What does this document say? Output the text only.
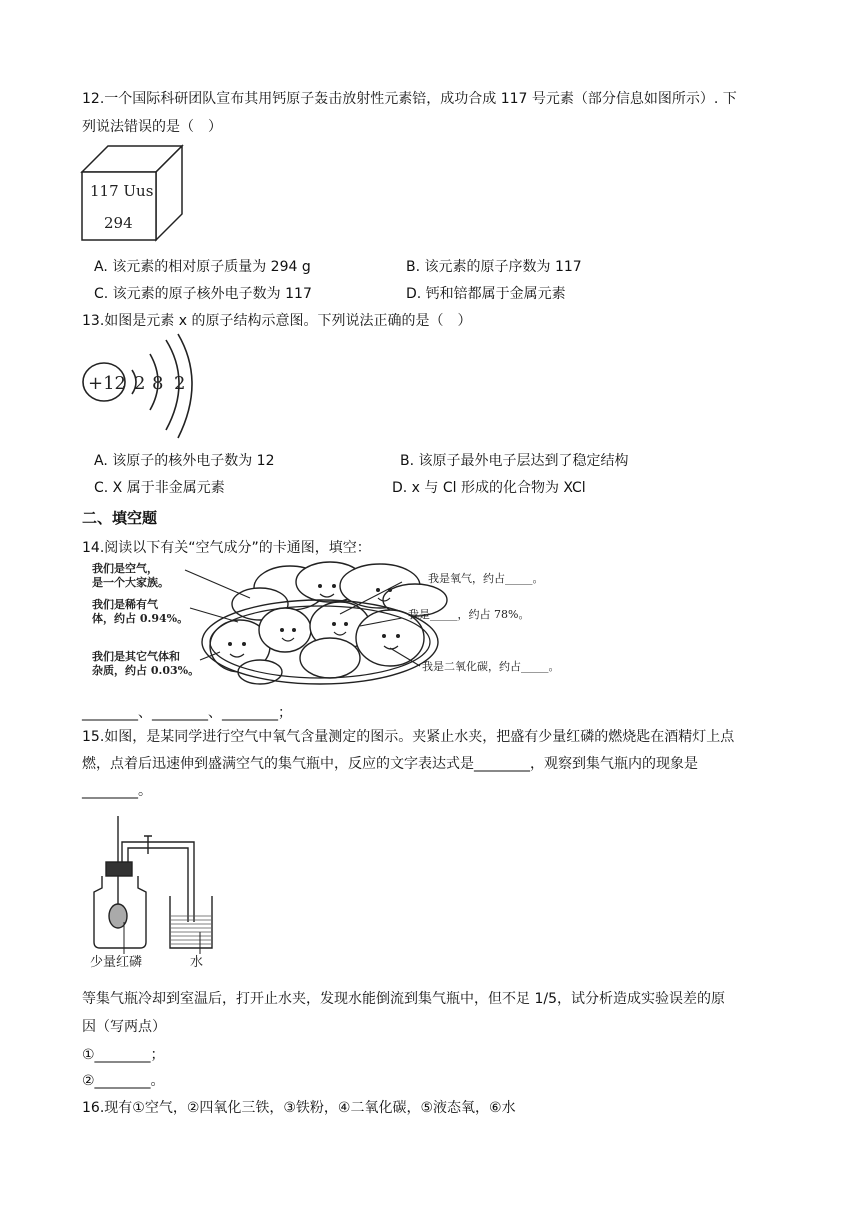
12.一个国际科研团队宣布其用钙原子轰击放射性元素锫，成功合成 117 号元素（部分信息如图所示）. 下
列说法错误的是（　）
117 Uus
294
A. 该元素的相对原子质量为 294 g	B. 该元素的原子序数为 117
C. 该元素的原子核外电子数为 117	D. 钙和锫都属于金属元素
13.如图是元素 x 的原子结构示意图。下列说法正确的是（　）
+12 2 8 2
A. 该原子的核外电子数为 12	B. 该原子最外电子层达到了稳定结构
C. X 属于非金属元素	D. x 与 Cl 形成的化合物为 XCl
二、填空题
14.阅读以下有关“空气成分”的卡通图，填空：
我们是空气，
是一个大家族。
我们是稀有气
体，约占 0.94%。
我们是其它气体和
杂质，约占 0.03%。
我是氧气，约占_____。
我是_____，约占 78%。
我是二氧化碳，约占_____。
________、________、________；
15.如图，是某同学进行空气中氧气含量测定的图示。夹紧止水夹，把盛有少量红磷的燃烧匙在酒精灯上点
燃，点着后迅速伸到盛满空气的集气瓶中，反应的文字表达式是________，观察到集气瓶内的现象是
________。
少量红磷	水
等集气瓶冷却到室温后，打开止水夹，发现水能倒流到集气瓶中，但不足 1/5，试分析造成实验误差的原
因（写两点）
①________；
②________。
16.现有①空气，②四氧化三铁，③铁粉，④二氧化碳，⑤液态氧，⑥水
